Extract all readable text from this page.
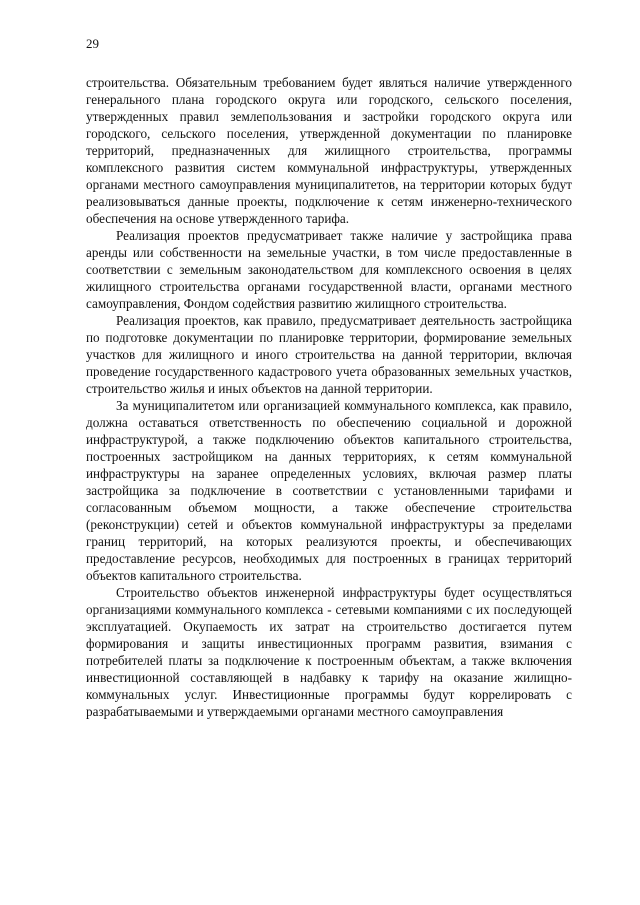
29

строительства. Обязательным требованием будет являться наличие утвержденного генерального плана городского округа или городского, сельского поселения, утвержденных правил землепользования и застройки городского округа или городского, сельского поселения, утвержденной документации по планировке территорий, предназначенных для жилищного строительства, программы комплексного развития систем коммунальной инфраструктуры, утвержденных органами местного самоуправления муниципалитетов, на территории которых будут реализовываться данные проекты, подключение к сетям инженерно-технического обеспечения на основе утвержденного тарифа.

Реализация проектов предусматривает также наличие у застройщика права аренды или собственности на земельные участки, в том числе предоставленные в соответствии с земельным законодательством для комплексного освоения в целях жилищного строительства органами государственной власти, органами местного самоуправления, Фондом содействия развитию жилищного строительства.

Реализация проектов, как правило, предусматривает деятельность застройщика по подготовке документации по планировке территории, формирование земельных участков для жилищного и иного строительства на данной территории, включая проведение государственного кадастрового учета образованных земельных участков, строительство жилья и иных объектов на данной территории.

За муниципалитетом или организацией коммунального комплекса, как правило, должна оставаться ответственность по обеспечению социальной и дорожной инфраструктурой, а также подключению объектов капитального строительства, построенных застройщиком на данных территориях, к сетям коммунальной инфраструктуры на заранее определенных условиях, включая размер платы застройщика за подключение в соответствии с установленными тарифами и согласованным объемом мощности, а также обеспечение строительства (реконструкции) сетей и объектов коммунальной инфраструктуры за пределами границ территорий, на которых реализуются проекты, и обеспечивающих предоставление ресурсов, необходимых для построенных в границах территорий объектов капитального строительства.

Строительство объектов инженерной инфраструктуры будет осуществляться организациями коммунального комплекса - сетевыми компаниями с их последующей эксплуатацией. Окупаемость их затрат на строительство достигается путем формирования и защиты инвестиционных программ развития, взимания с потребителей платы за подключение к построенным объектам, а также включения инвестиционной составляющей в надбавку к тарифу на оказание жилищно-коммунальных услуг. Инвестиционные программы будут коррелировать с разрабатываемыми и утверждаемыми органами местного самоуправления
